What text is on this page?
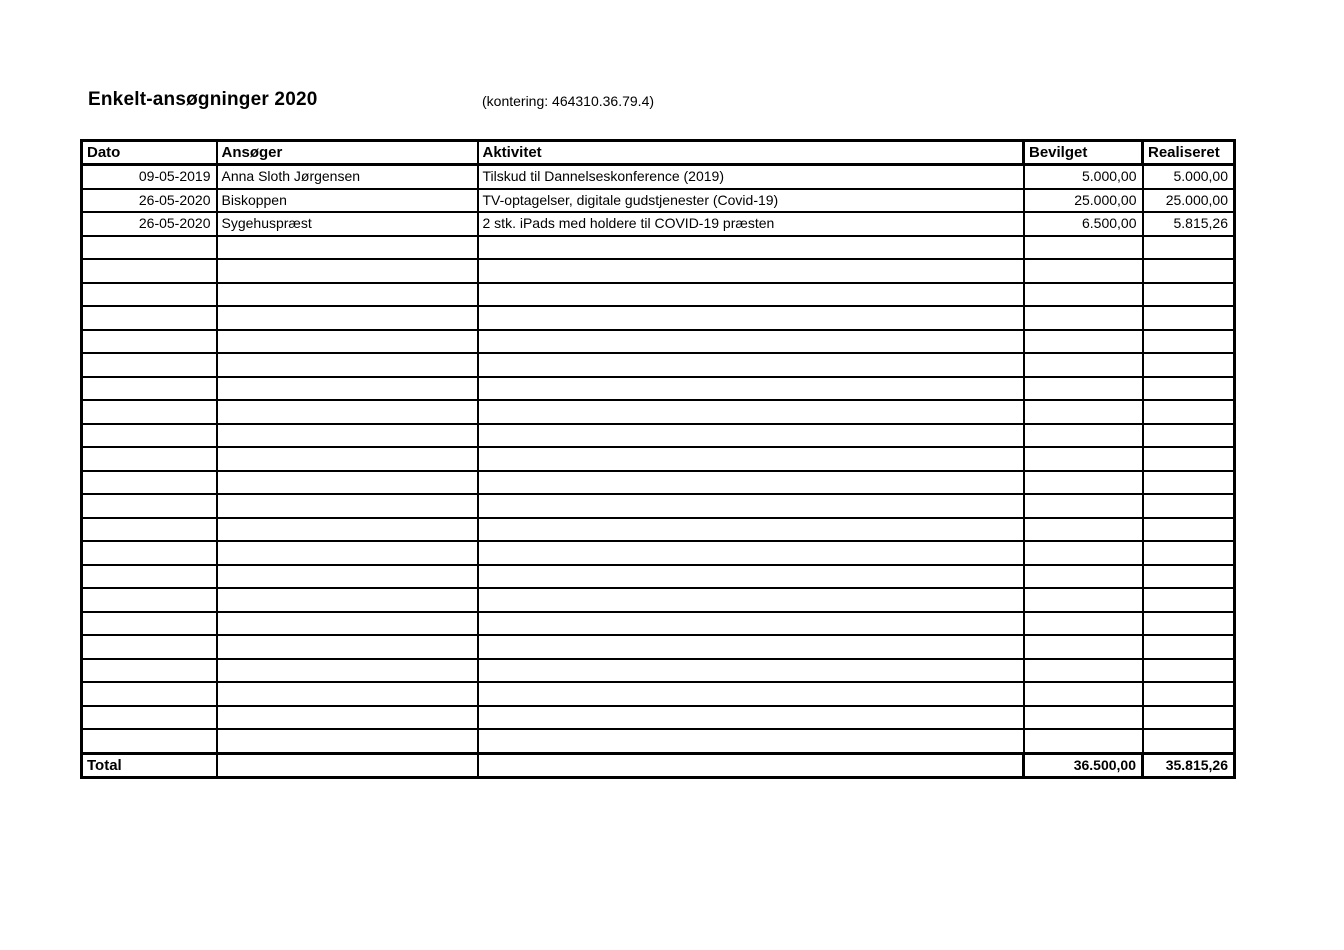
Enkelt-ansøgninger 2020	(kontering: 464310.36.79.4)
Dato	Ansøger	Aktivitet	Bevilget	Realiseret
09-05-2019	Anna Sloth Jørgensen	Tilskud til Dannelseskonference (2019)	5.000,00	5.000,00
26-05-2020	Biskoppen	TV-optagelser, digitale gudstjenester (Covid-19)	25.000,00	25.000,00
26-05-2020	Sygehuspræst	2 stk. iPads med holdere til COVID-19 præsten	6.500,00	5.815,26

Total			36.500,00	35.815,26
